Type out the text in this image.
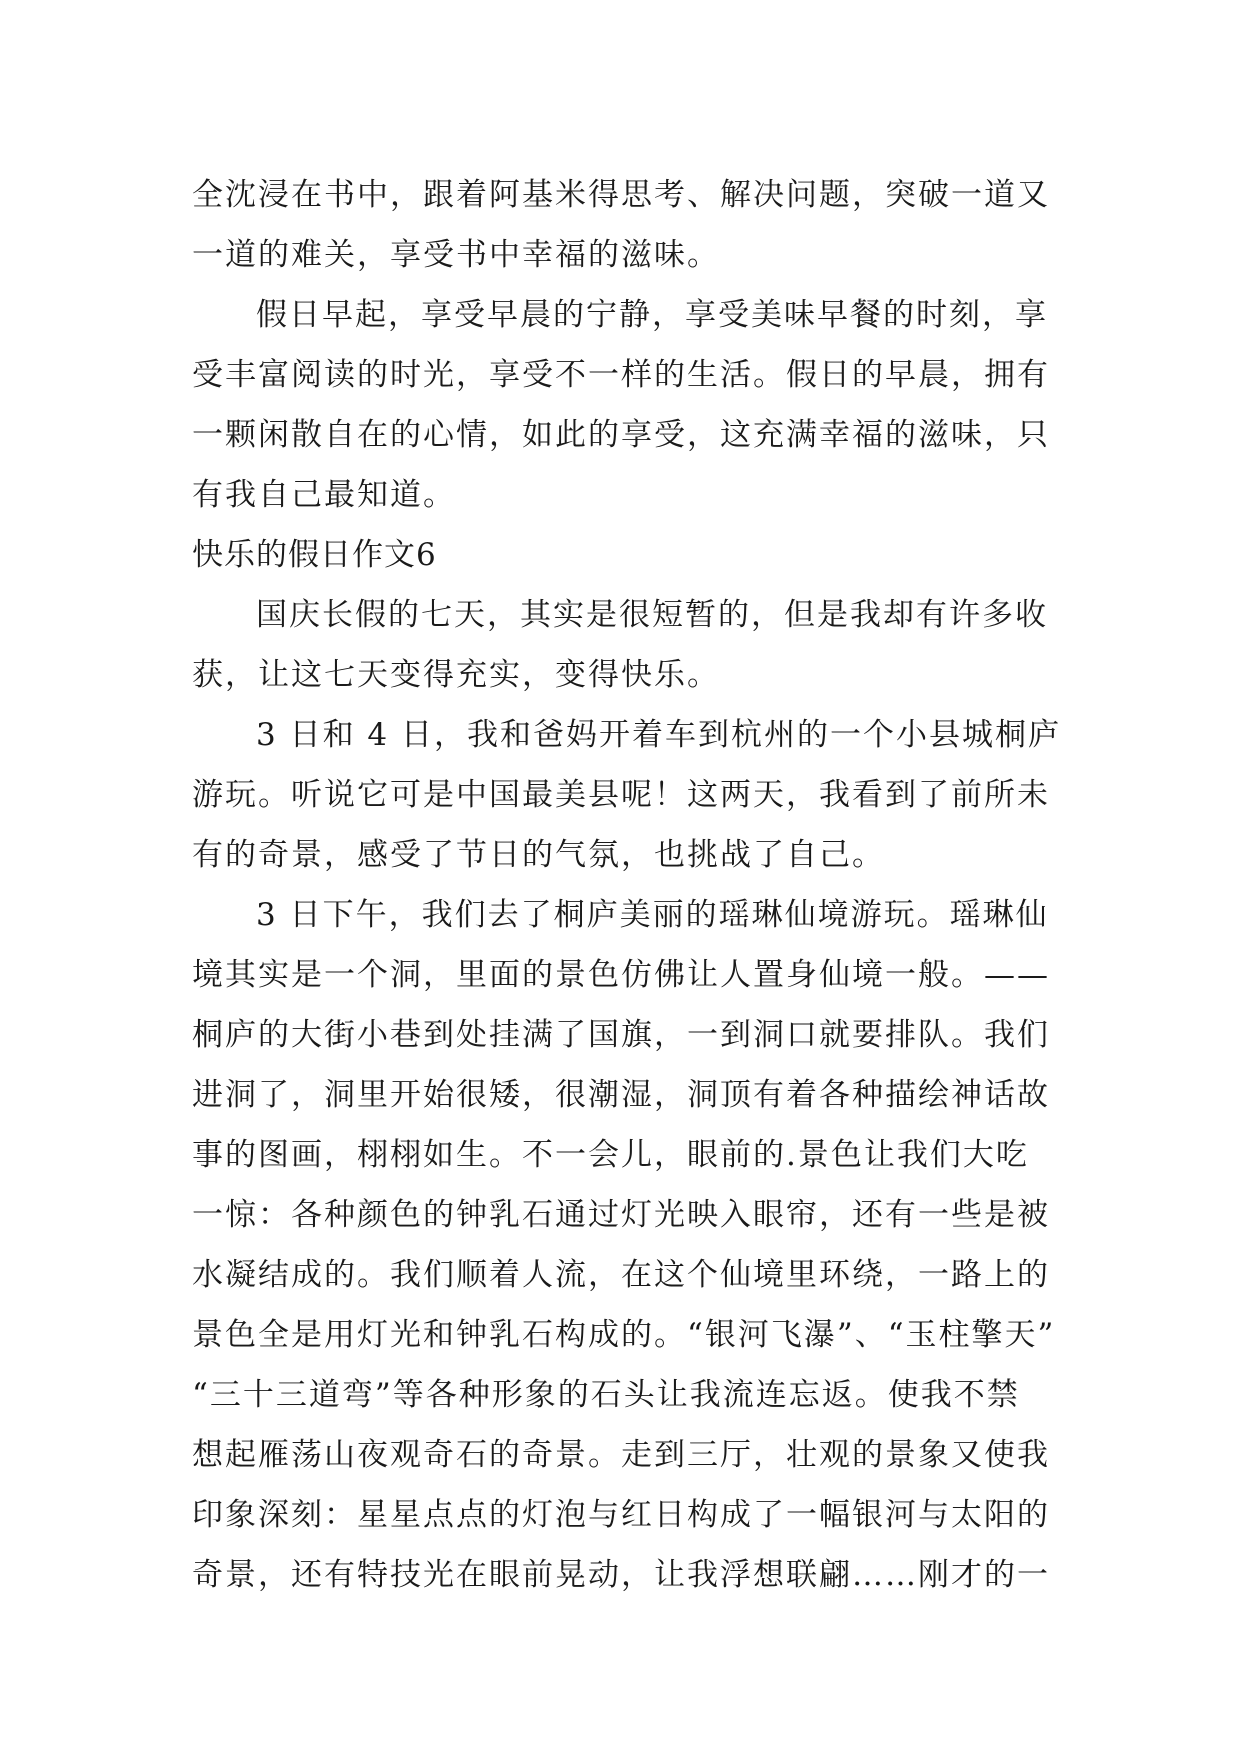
全沈浸在书中，跟着阿基米得思考、解决问题，突破一道又
一道的难关，享受书中幸福的滋味。
假日早起，享受早晨的宁静，享受美味早餐的时刻，享
受丰富阅读的时光，享受不一样的生活。假日的早晨，拥有
一颗闲散自在的心情，如此的享受，这充满幸福的滋味，只
有我自己最知道。
快乐的假日作文6
国庆长假的七天，其实是很短暂的，但是我却有许多收
获，让这七天变得充实，变得快乐。
3 日和 4 日，我和爸妈开着车到杭州的一个小县城桐庐
游玩。听说它可是中国最美县呢！这两天，我看到了前所未
有的奇景，感受了节日的气氛，也挑战了自己。
3 日下午，我们去了桐庐美丽的瑶琳仙境游玩。瑶琳仙
境其实是一个洞，里面的景色仿佛让人置身仙境一般。——
桐庐的大街小巷到处挂满了国旗，一到洞口就要排队。我们
进洞了，洞里开始很矮，很潮湿，洞顶有着各种描绘神话故
事的图画，栩栩如生。不一会儿，眼前的.景色让我们大吃
一惊：各种颜色的钟乳石通过灯光映入眼帘，还有一些是被
水凝结成的。我们顺着人流，在这个仙境里环绕，一路上的
景色全是用灯光和钟乳石构成的。“银河飞瀑”、“玉柱擎天”
“三十三道弯”等各种形象的石头让我流连忘返。使我不禁
想起雁荡山夜观奇石的奇景。走到三厅，壮观的景象又使我
印象深刻：星星点点的灯泡与红日构成了一幅银河与太阳的
奇景，还有特技光在眼前晃动，让我浮想联翩……刚才的一
